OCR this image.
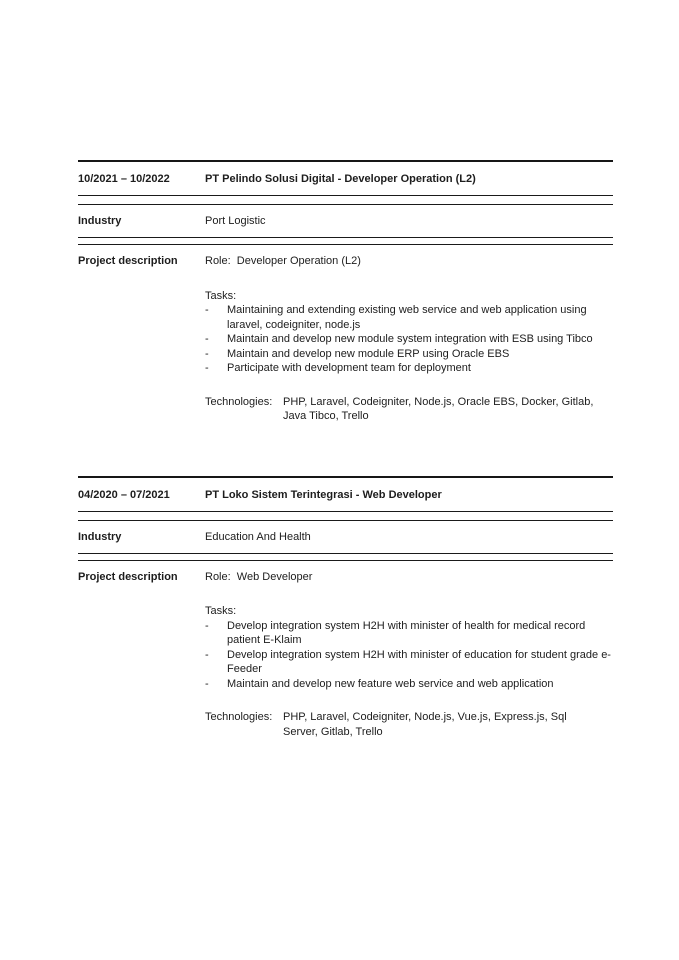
10/2021 – 10/2022	PT Pelindo Solusi Digital - Developer Operation (L2)
Industry	Port Logistic
Project description	Role:  Developer Operation (L2)

Tasks:

-	Maintaining and extending existing web service and web application using laravel, codeigniter, node.js
-	Maintain and develop new module system integration with ESB using Tibco
-	Maintain and develop new module ERP using Oracle EBS
-	Participate with development team for deployment
Technologies: PHP, Laravel, Codeigniter, Node.js, Oracle EBS, Docker, Gitlab, Java Tibco, Trello
04/2020 – 07/2021	PT Loko Sistem Terintegrasi - Web Developer
Industry	Education And Health
Project description	Role:  Web Developer

Tasks:

-	Develop integration system H2H with minister of health for medical record patient E-Klaim
-	Develop integration system H2H with minister of education for student grade e-Feeder
-	Maintain and develop new feature web service and web application
Technologies: PHP, Laravel, Codeigniter, Node.js, Vue.js, Express.js, Sql Server, Gitlab, Trello
